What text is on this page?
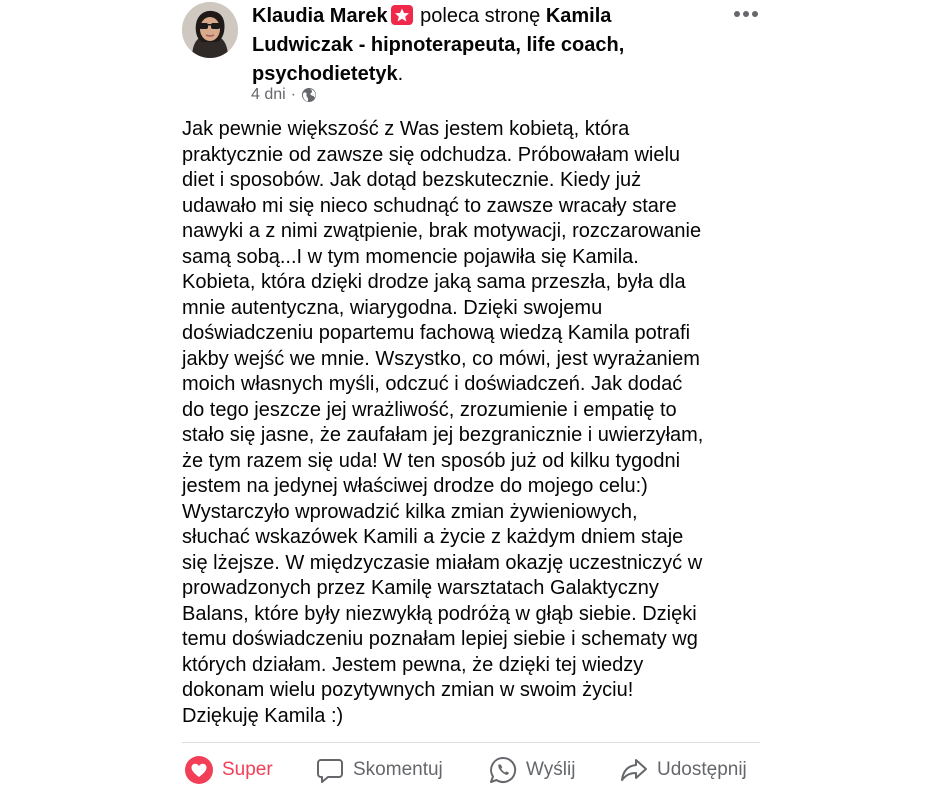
Klaudia Marek poleca stronę Kamila Ludwiczak - hipnoterapeuta, life coach, psychodietetyk.
4 dni ·
Jak pewnie większość z Was jestem kobietą, która
praktycznie od zawsze się odchudza. Próbowałam wielu
diet i sposobów. Jak dotąd bezskutecznie. Kiedy już
udawało mi się nieco schudnąć to zawsze wracały stare
nawyki a z nimi zwątpienie, brak motywacji, rozczarowanie
samą sobą...I w tym momencie pojawiła się Kamila.
Kobieta, która dzięki drodze jaką sama przeszła, była dla
mnie autentyczna, wiarygodna. Dzięki swojemu
doświadczeniu popartemu fachową wiedzą Kamila potrafi
jakby wejść we mnie. Wszystko, co mówi, jest wyrażaniem
moich własnych myśli, odczuć i doświadczeń. Jak dodać
do tego jeszcze jej wrażliwość, zrozumienie i empatię to
stało się jasne, że zaufałam jej bezgranicznie i uwierzyłam,
że tym razem się uda! W ten sposób już od kilku tygodni
jestem na jedynej właściwej drodze do mojego celu:)
Wystarczyło wprowadzić kilka zmian żywieniowych,
słuchać wskazówek Kamili a życie z każdym dniem staje
się lżejsze. W międzyczasie miałam okazję uczestniczyć w
prowadzonych przez Kamilę warsztatach Galaktyczny
Balans, które były niezwykłą podróżą w głąb siebie. Dzięki
temu doświadczeniu poznałam lepiej siebie i schematy wg
których działam. Jestem pewna, że dzięki tej wiedzy
dokonam wielu pozytywnych zmian w swoim życiu!
Dziękuję Kamila :)
Super	Skomentuj	Wyślij	Udostępnij
